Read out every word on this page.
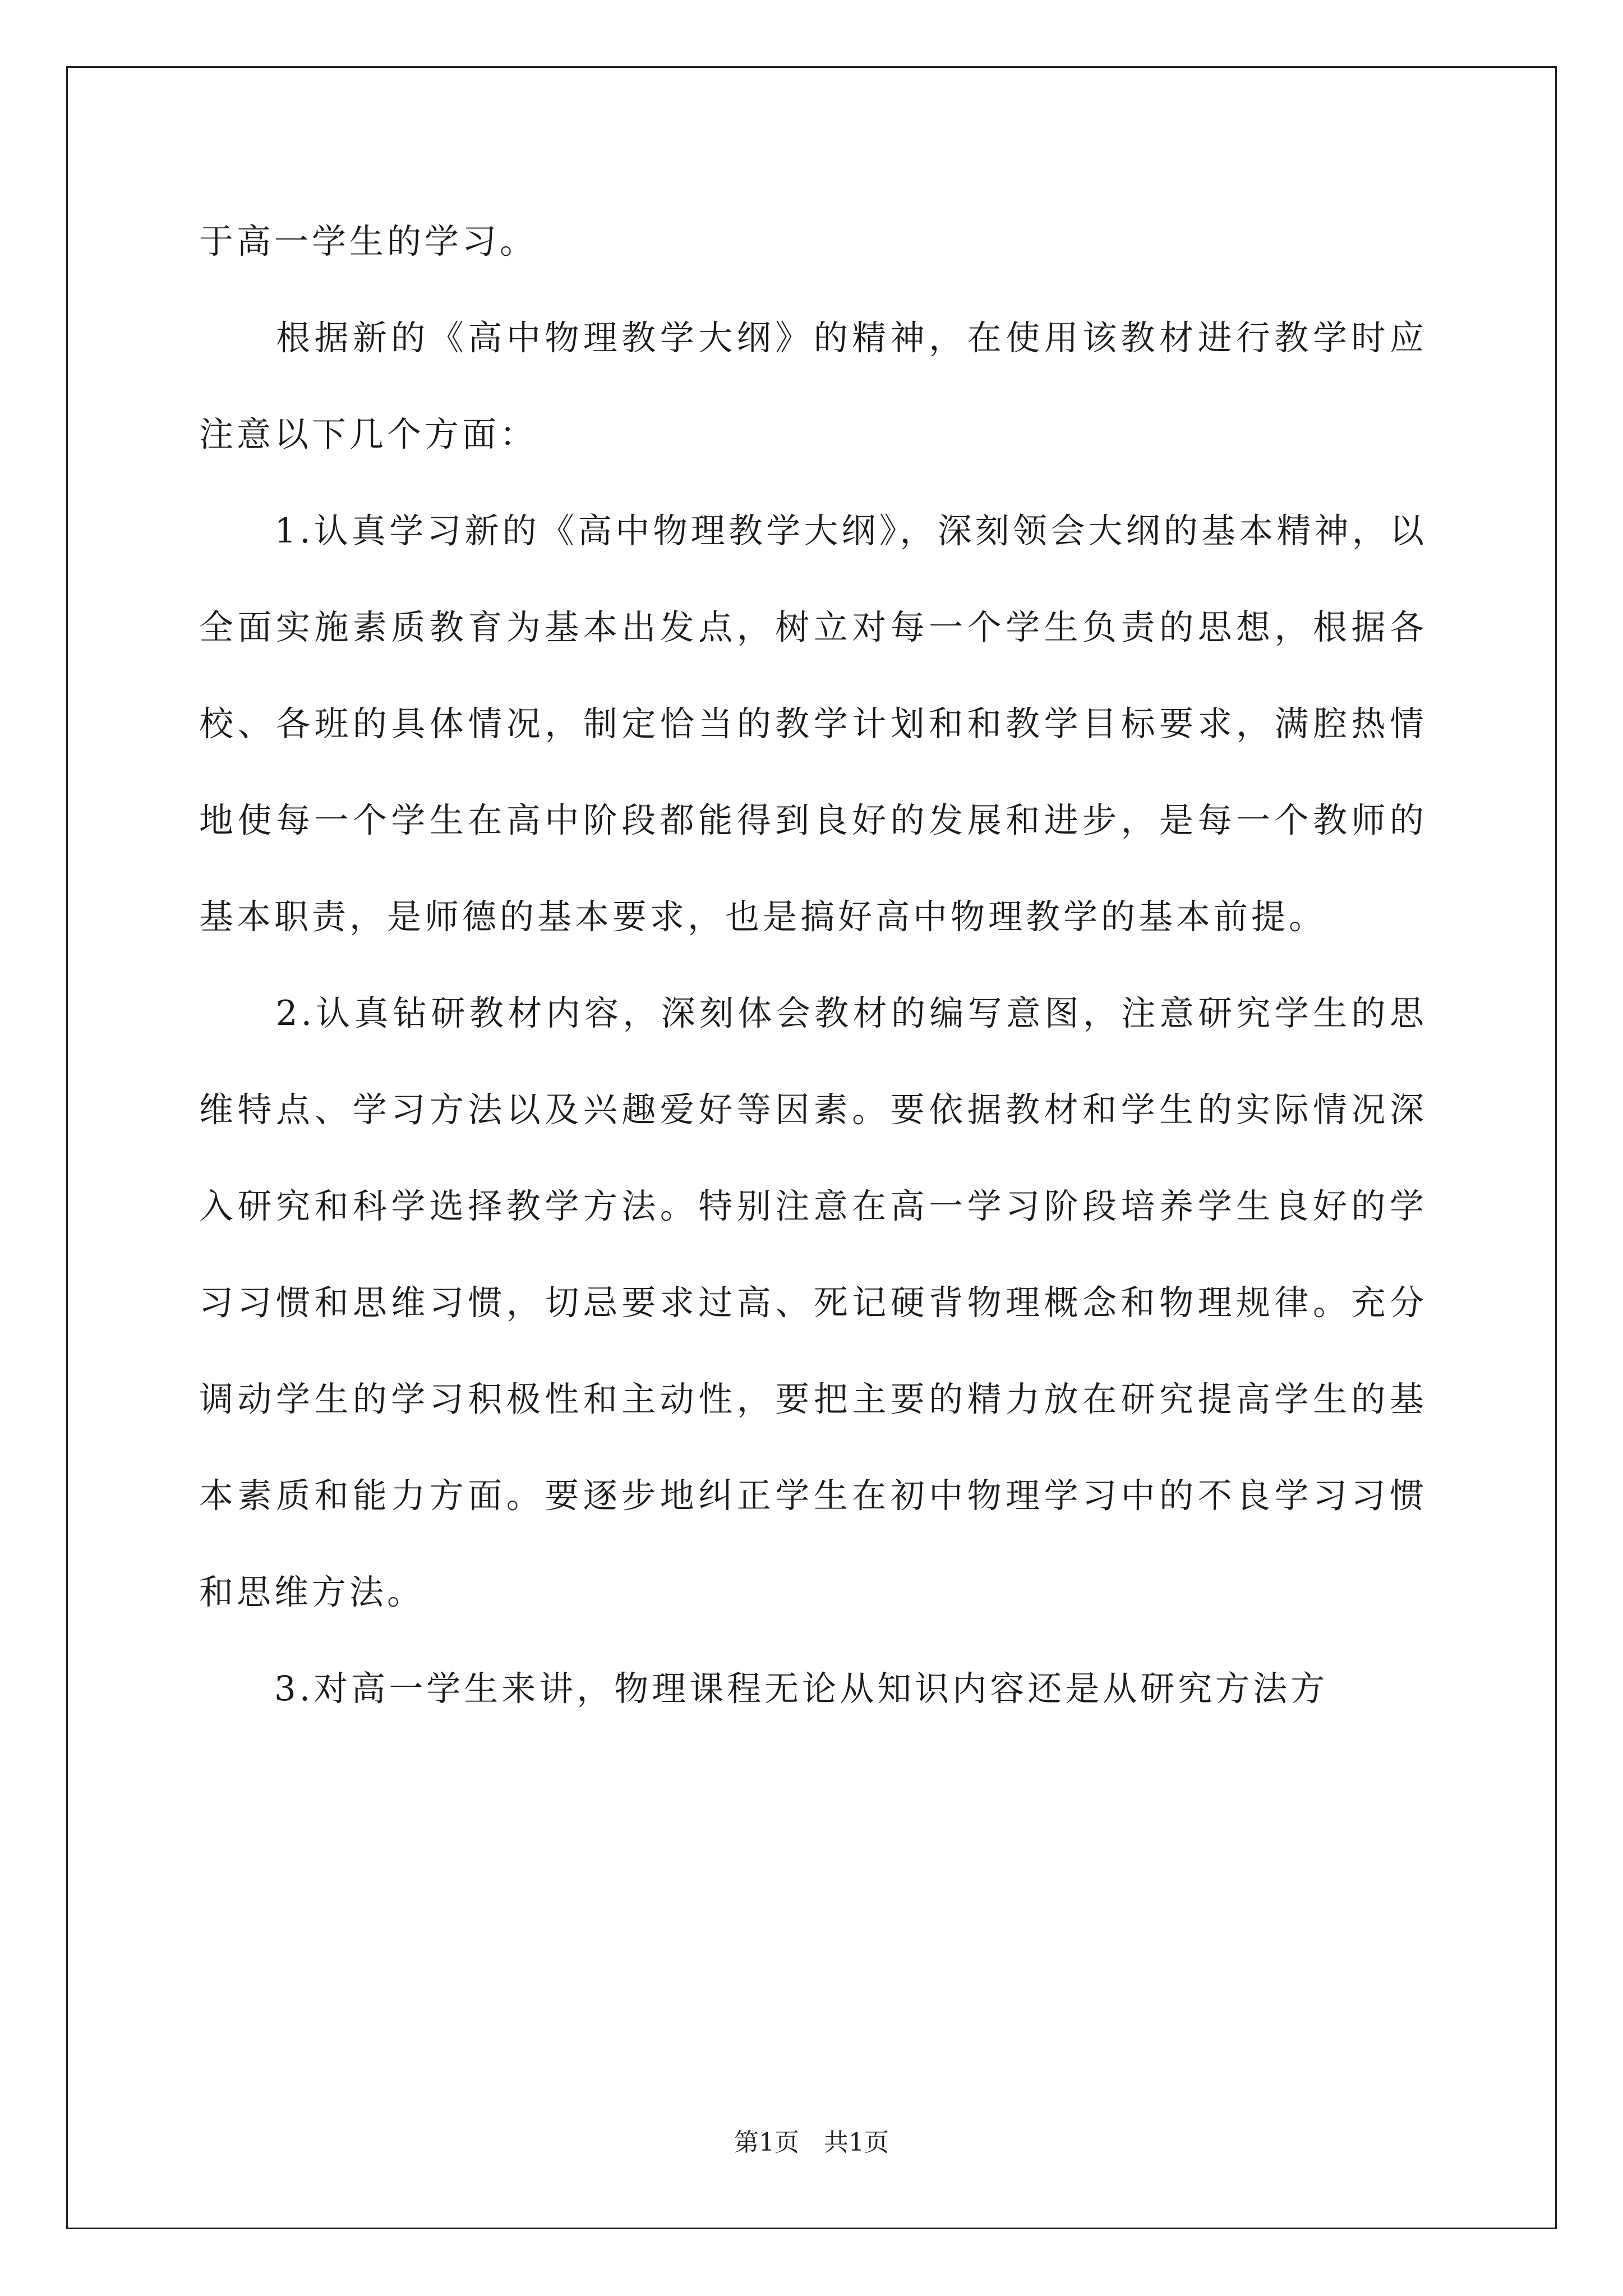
于高一学生的学习。

　　根据新的《高中物理教学大纲》的精神，在使用该教材进行教学时应注意以下几个方面：

　　1.认真学习新的《高中物理教学大纲》，深刻领会大纲的基本精神，以全面实施素质教育为基本出发点，树立对每一个学生负责的思想，根据各校、各班的具体情况，制定恰当的教学计划和和教学目标要求，满腔热情地使每一个学生在高中阶段都能得到良好的发展和进步，是每一个教师的基本职责，是师德的基本要求，也是搞好高中物理教学的基本前提。

　　2.认真钻研教材内容，深刻体会教材的编写意图，注意研究学生的思维特点、学习方法以及兴趣爱好等因素。要依据教材和学生的实际情况深入研究和科学选择教学方法。特别注意在高一学习阶段培养学生良好的学习习惯和思维习惯，切忌要求过高、死记硬背物理概念和物理规律。充分调动学生的学习积极性和主动性，要把主要的精力放在研究提高学生的基本素质和能力方面。要逐步地纠正学生在初中物理学习中的不良学习习惯和思维方法。

　　3.对高一学生来讲，物理课程无论从知识内容还是从研究方法方

第1页　共1页
